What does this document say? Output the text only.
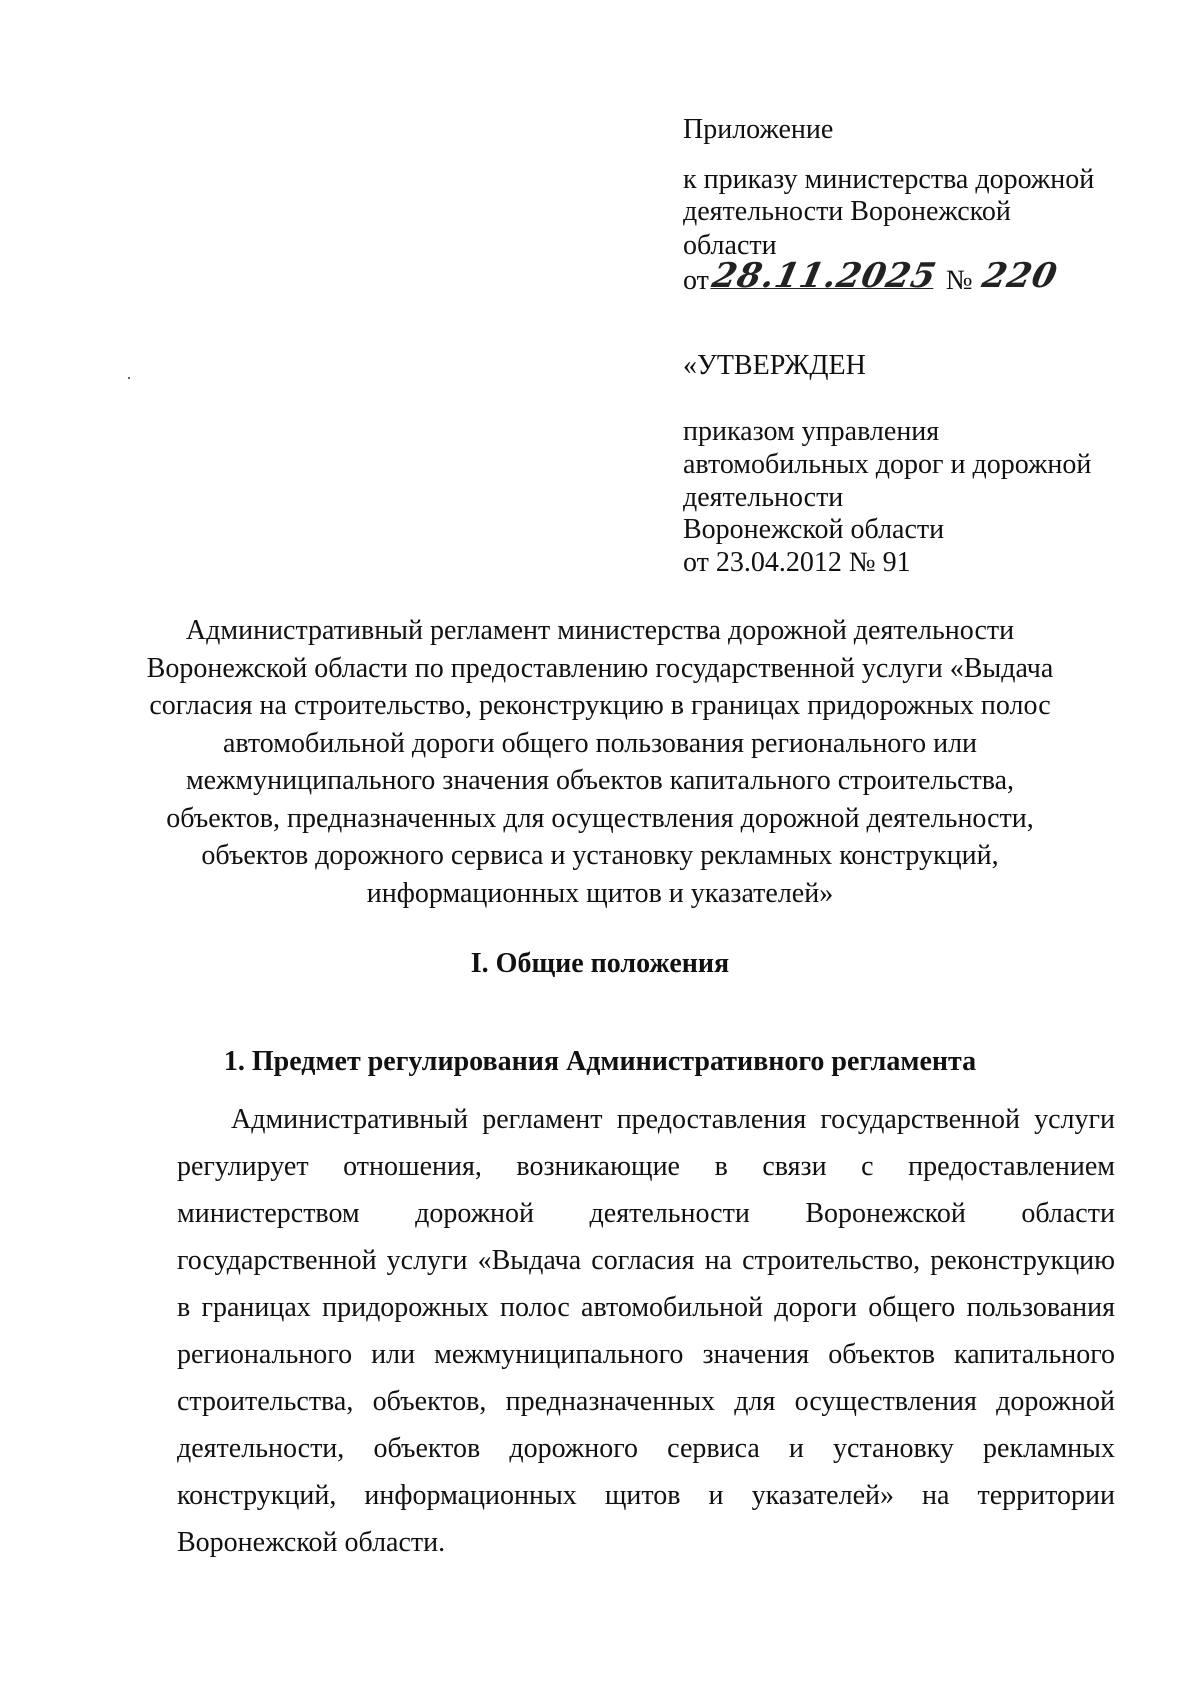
Приложение
к приказу министерства дорожной
деятельности Воронежской
области
от 28.11.2025 № 220
«УТВЕРЖДЕН
приказом управления
автомобильных дорог и дорожной
деятельности
Воронежской области
от 23.04.2012 № 91
Административный регламент министерства дорожной деятельности
Воронежской области по предоставлению государственной услуги «Выдача
согласия на строительство, реконструкцию в границах придорожных полос
автомобильной дороги общего пользования регионального или
межмуниципального значения объектов капитального строительства,
объектов, предназначенных для осуществления дорожной деятельности,
объектов дорожного сервиса и установку рекламных конструкций,
информационных щитов и указателей»
I. Общие положения
1. Предмет регулирования Административного регламента
Административный регламент предоставления государственной услуги
регулирует отношения, возникающие в связи с предоставлением
министерством дорожной деятельности Воронежской области
государственной услуги «Выдача согласия на строительство, реконструкцию
в границах придорожных полос автомобильной дороги общего пользования
регионального или межмуниципального значения объектов капитального
строительства, объектов, предназначенных для осуществления дорожной
деятельности, объектов дорожного сервиса и установку рекламных
конструкций, информационных щитов и указателей» на территории
Воронежской области.
